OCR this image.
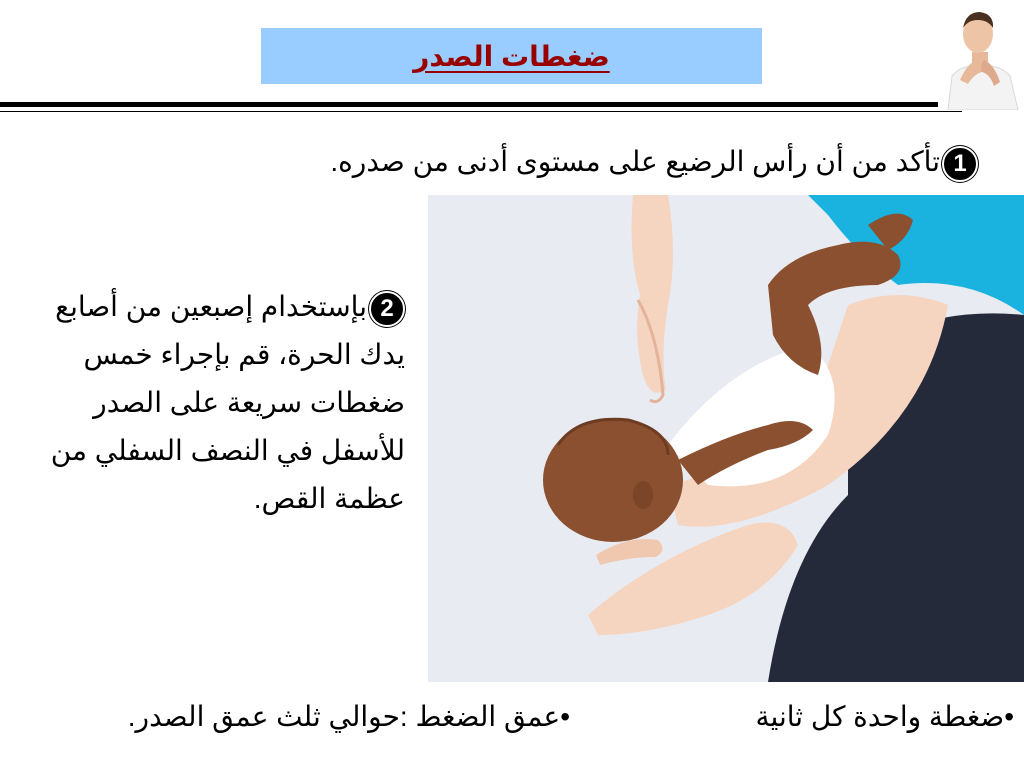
ضغطات الصدر
1تأكد من أن رأس الرضيع على مستوى أدنى من صدره.
2بإستخدام إصبعين من أصابع يدك الحرة، قم بإجراء خمس ضغطات سريعة على الصدر للأسفل في النصف السفلي من عظمة القص.
•ضغطة واحدة كل ثانية
•عمق الضغط :حوالي ثلث عمق الصدر.
